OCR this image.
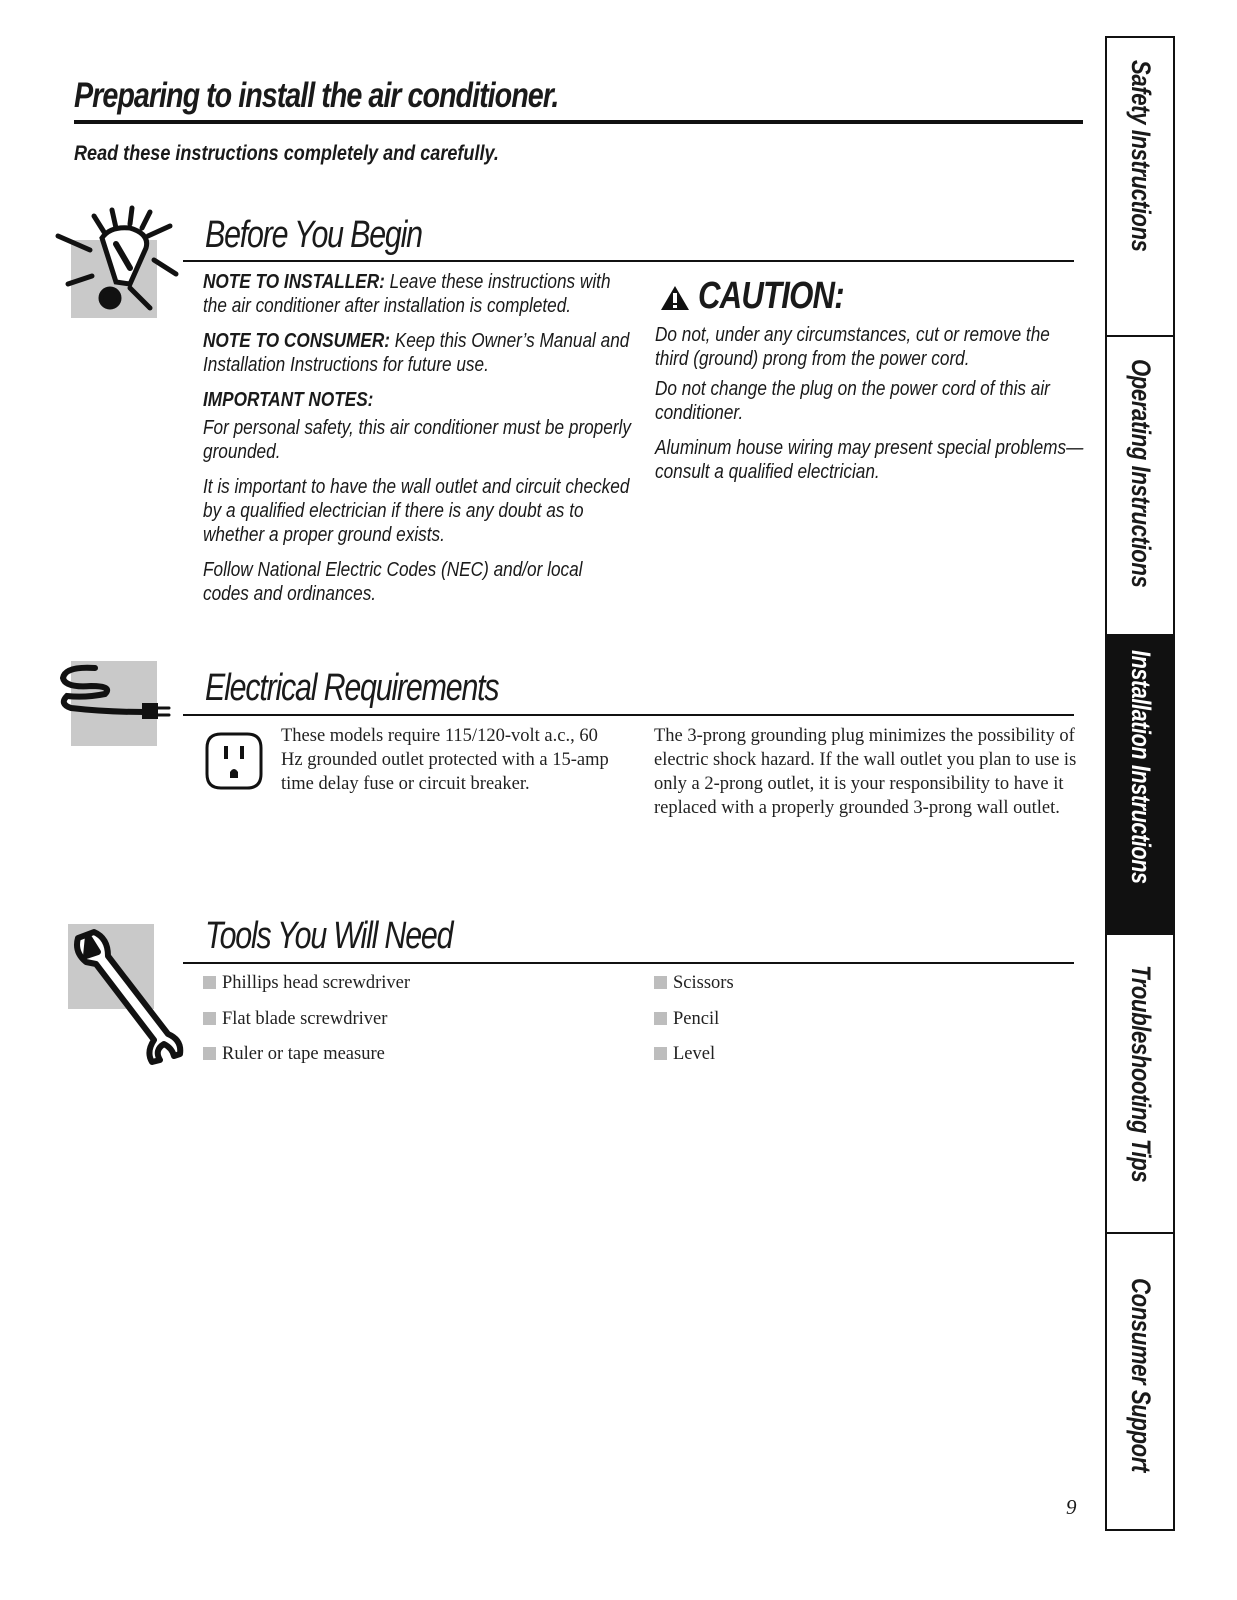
Preparing to install the air conditioner.
Read these instructions completely and carefully.
Before You Begin
NOTE TO INSTALLER: Leave these instructions with the air conditioner after installation is completed.
NOTE TO CONSUMER: Keep this Owner’s Manual and Installation Instructions for future use.
IMPORTANT NOTES:
For personal safety, this air conditioner must be properly grounded.
It is important to have the wall outlet and circuit checked by a qualified electrician if there is any doubt as to whether a proper ground exists.
Follow National Electric Codes (NEC) and/or local codes and ordinances.
CAUTION:
Do not, under any circumstances, cut or remove the third (ground) prong from the power cord.
Do not change the plug on the power cord of this air conditioner.
Aluminum house wiring may present special problems—consult a qualified electrician.
Electrical Requirements
These models require 115/120-volt a.c., 60 Hz grounded outlet protected with a 15-amp time delay fuse or circuit breaker.
The 3-prong grounding plug minimizes the possibility of electric shock hazard. If the wall outlet you plan to use is only a 2-prong outlet, it is your responsibility to have it replaced with a properly grounded 3-prong wall outlet.
Tools You Will Need
Phillips head screwdriver
Flat blade screwdriver
Ruler or tape measure
Scissors
Pencil
Level
Safety Instructions
Operating Instructions
Installation Instructions
Troubleshooting Tips
Consumer Support
9
